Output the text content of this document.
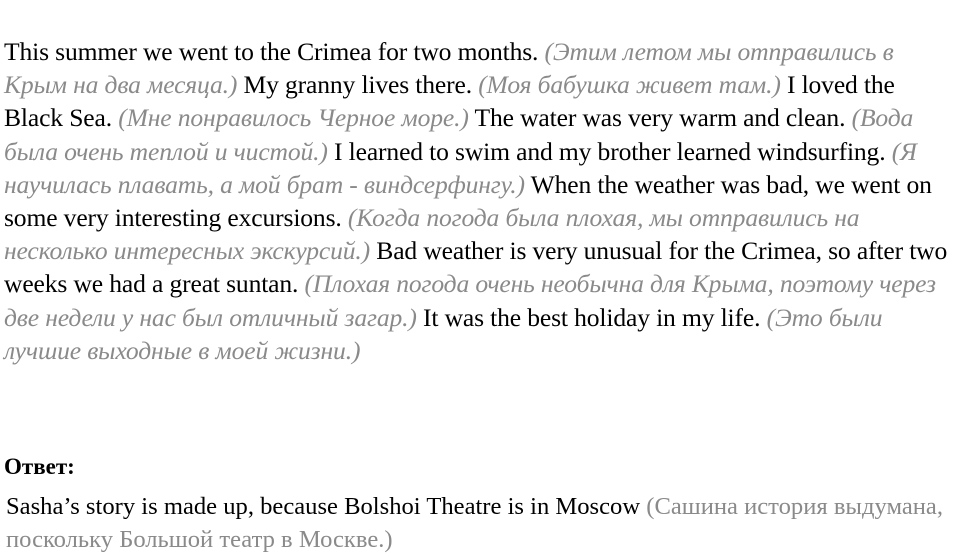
This summer we went to the Crimea for two months. (Этим летом мы отправились в Крым на два месяца.) My granny lives there. (Моя бабушка живет там.) I loved the Black Sea. (Мне понравилось Черное море.) The water was very warm and clean. (Вода была очень теплой и чистой.) I learned to swim and my brother learned windsurfing. (Я научилась плавать, а мой брат - виндсерфингу.) When the weather was bad, we went on some very interesting excursions. (Когда погода была плохая, мы отправились на несколько интересных экскурсий.) Bad weather is very unusual for the Crimea, so after two weeks we had a great suntan. (Плохая погода очень необычна для Крыма, поэтому через две недели у нас был отличный загар.) It was the best holiday in my life. (Это были лучшие выходные в моей жизни.)

Ответ:

Sasha’s story is made up, because Bolshoi Theatre is in Moscow (Сашина история выдумана, поскольку Большой театр в Москве.)
